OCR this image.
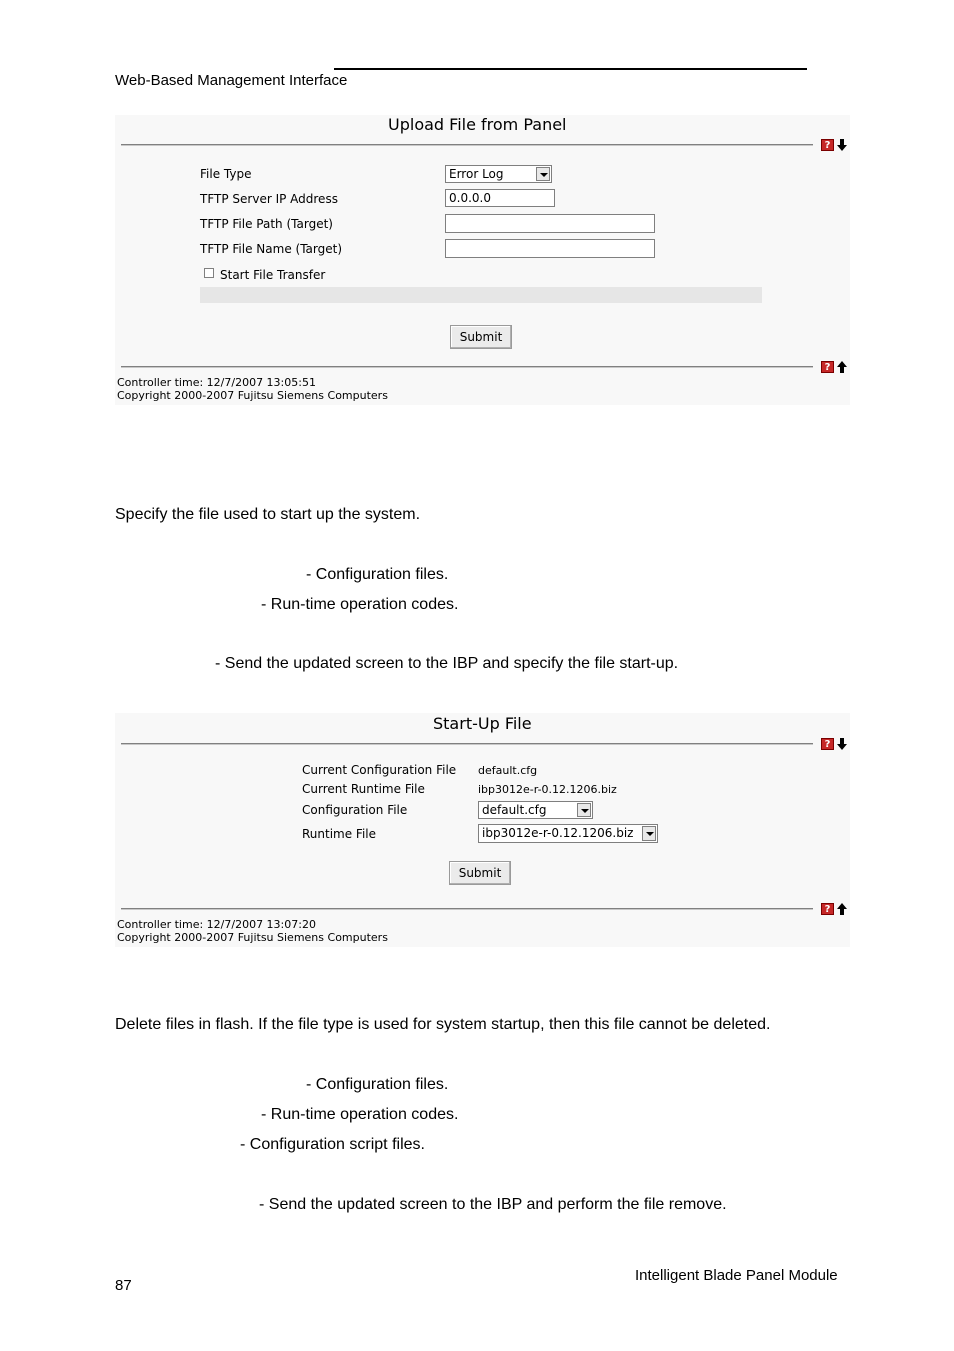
Web-Based Management Interface
Upload File from Panel
?
File Type	Error Log
TFTP Server IP Address	0.0.0.0
TFTP File Path (Target)
TFTP File Name (Target)
Start File Transfer
Submit
?
Controller time: 12/7/2007 13:05:51
Copyright 2000-2007 Fujitsu Siemens Computers
Specify the file used to start up the system.
- Configuration files.
- Run-time operation codes.
- Send the updated screen to the IBP and specify the file start-up.
Start-Up File
?
Current Configuration File default.cfg
Current Runtime File	ibp3012e-r-0.12.1206.biz
Configuration File	default.cfg
Runtime File	ibp3012e-r-0.12.1206.biz
Submit
?
Controller time: 12/7/2007 13:07:20
Copyright 2000-2007 Fujitsu Siemens Computers
Delete files in flash. If the file type is used for system startup, then this file cannot be deleted.
- Configuration files.
- Run-time operation codes.
- Configuration script files.
- Send the updated screen to the IBP and perform the file remove.
87
Intelligent Blade Panel Module
